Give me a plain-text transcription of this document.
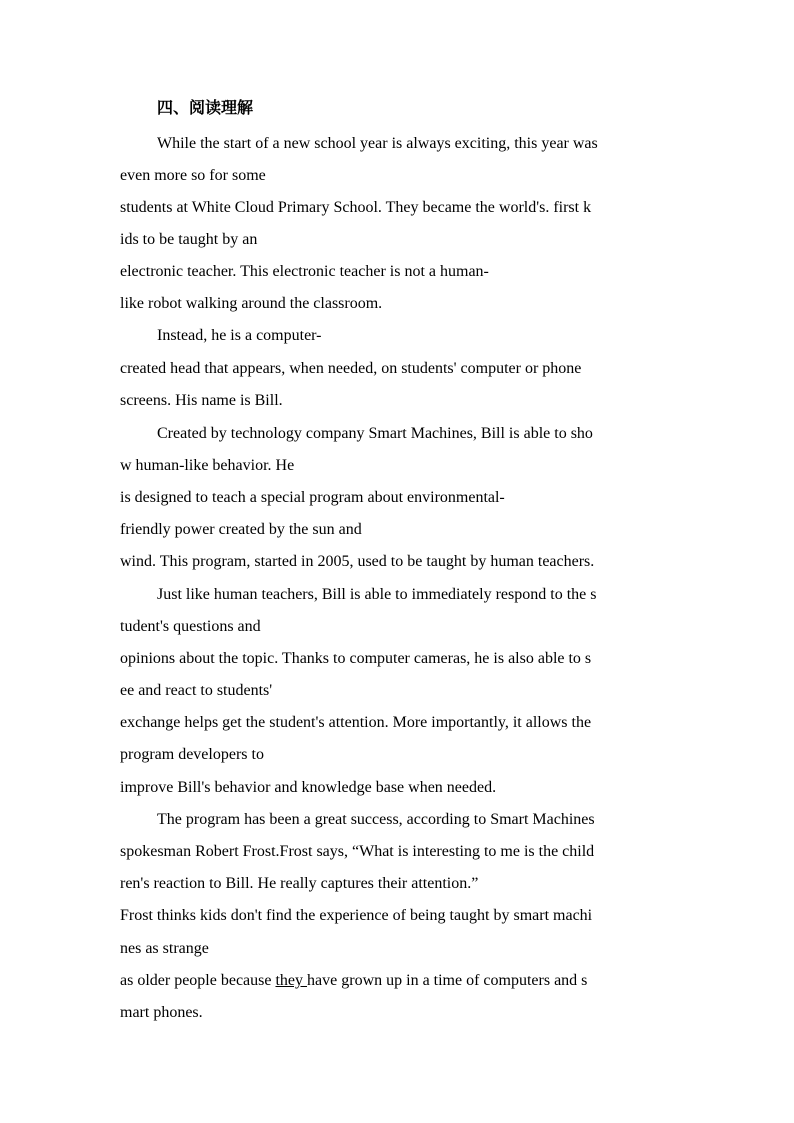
四、阅读理解
While the start of a new school year is always exciting, this year was
even more so for some
students at White Cloud Primary School. They became the world's. first k
ids to be taught by an
electronic teacher. This electronic teacher is not a human-
like robot walking around the classroom.
Instead, he is a computer-
created head that appears, when needed, on students' computer or phone
screens. His name is Bill.
Created by technology company Smart Machines, Bill is able to sho
w human-like behavior. He
is designed to teach a special program about environmental-
friendly power created by the sun and
wind. This program, started in 2005, used to be taught by human teachers.
Just like human teachers, Bill is able to immediately respond to the s
tudent's questions and
opinions about the topic. Thanks to computer cameras, he is also able to s
ee and react to students'
exchange helps get the student's attention. More importantly, it allows the
program developers to
improve Bill's behavior and knowledge base when needed.
The program has been a great success, according to Smart Machines
spokesman Robert Frost.Frost says, “What is interesting to me is the child
ren's reaction to Bill. He really captures their attention.”
Frost thinks kids don't find the experience of being taught by smart machi
nes as strange
as older people because they have grown up in a time of computers and s
mart phones.
